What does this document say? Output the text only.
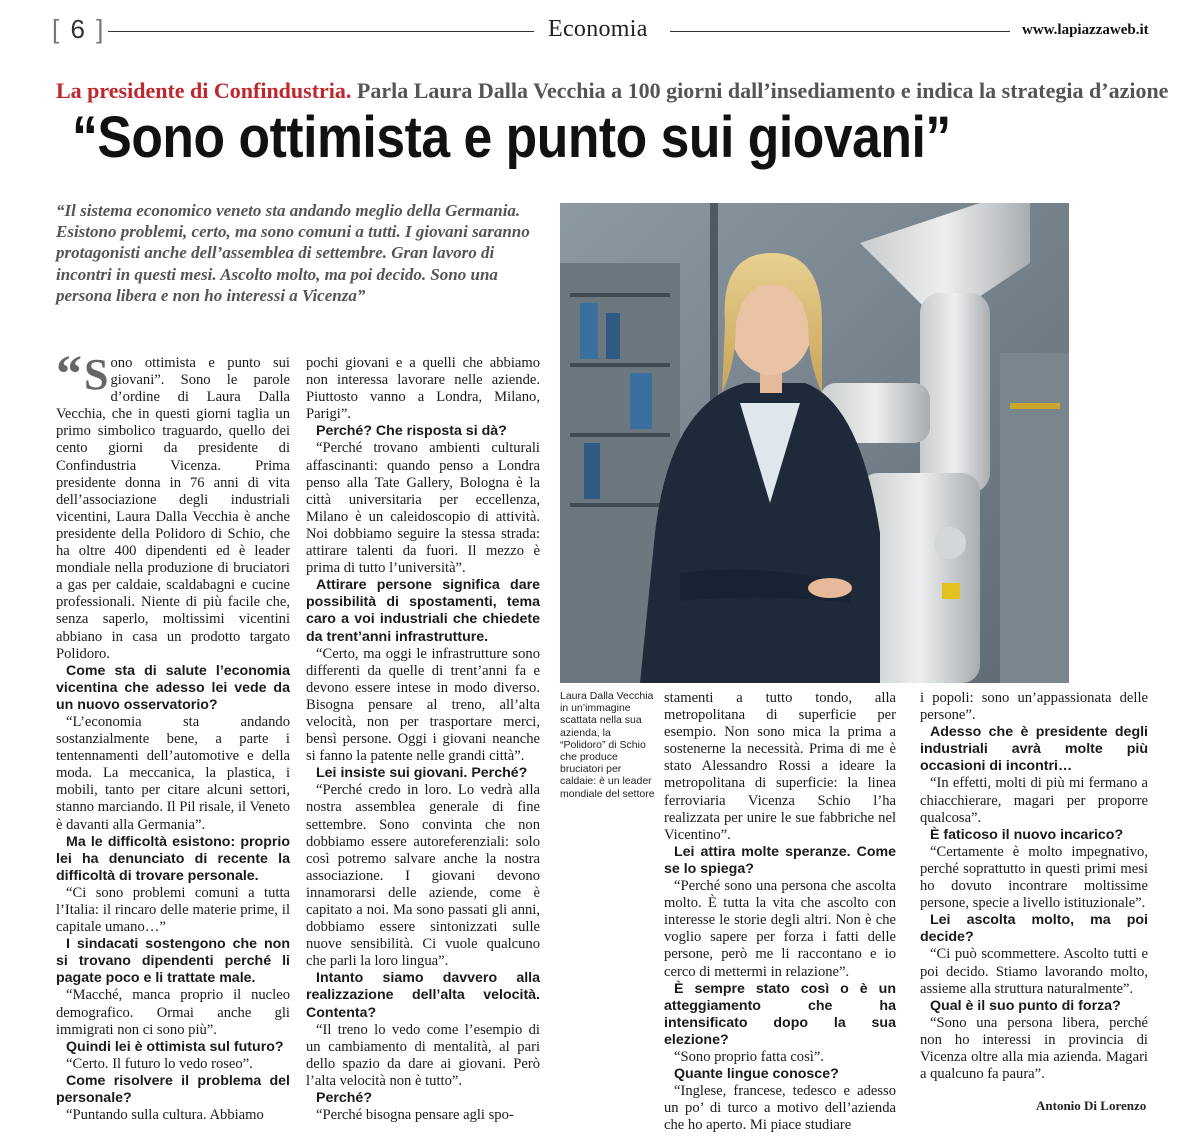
[ 6 ]	Economia	www.lapiazzaweb.it
La presidente di Confindustria. Parla Laura Dalla Vecchia a 100 giorni dall’insediamento e indica la strategia d’azione
“Sono ottimista e punto sui giovani”
“Il sistema economico veneto sta andando meglio della Germania. Esistono problemi, certo, ma sono comuni a tutti. I giovani saranno protagonisti anche dell’assemblea di settembre. Gran lavoro di incontri in questi mesi. Ascolto molto, ma poi decido. Sono una persona libera e non ho interessi a Vicenza”
Laura Dalla Vecchia in un’immagine scattata nella sua azienda, la “Polidoro” di Schio che produce bruciatori per caldaie: è un leader mondiale del settore

“ S ono ottimista e punto sui giovani”. Sono le parole d’ordine di Laura Dalla Vecchia, che in questi giorni taglia un primo simbolico traguardo, quello dei cento giorni da presidente di Confindustria Vicenza. Prima presidente donna in 76 anni di vita dell’associazione degli industriali vicentini, Laura Dalla Vecchia è anche presidente della Polidoro di Schio, che ha oltre 400 dipendenti ed è leader mondiale nella produzione di bruciatori a gas per caldaie, scaldabagni e cucine professionali. Niente di più facile che, senza saperlo, moltissimi vicentini abbiano in casa un prodotto targato Polidoro.

Come sta di salute l’economia vicentina che adesso lei vede da un nuovo osservatorio?

“L’economia sta andando sostanzialmente bene, a parte i tentennamenti dell’automotive e della moda. La meccanica, la plastica, i mobili, tanto per citare alcuni settori, stanno marciando. Il Pil risale, il Veneto è davanti alla Germania”.

Ma le difficoltà esistono: proprio lei ha denunciato di recente la difficoltà di trovare personale.

“Ci sono problemi comuni a tutta l’Italia: il rincaro delle materie prime, il capitale umano…”

I sindacati sostengono che non si trovano dipendenti perché li pagate poco e li trattate male.

“Macché, manca proprio il nucleo demografico. Ormai anche gli immigrati non ci sono più”.

Quindi lei è ottimista sul futuro?

“Certo. Il futuro lo vedo roseo”.

Come risolvere il problema del personale?

“Puntando sulla cultura. Abbiamo

pochi giovani e a quelli che abbiamo non interessa lavorare nelle aziende. Piuttosto vanno a Londra, Milano, Parigi”.

Perché? Che risposta si dà?

“Perché trovano ambienti culturali affascinanti: quando penso a Londra penso alla Tate Gallery, Bologna è la città universitaria per eccellenza, Milano è un caleidoscopio di attività. Noi dobbiamo seguire la stessa strada: attirare talenti da fuori. Il mezzo è prima di tutto l’università”.

Attirare persone significa dare possibilità di spostamenti, tema caro a voi industriali che chiedete da trent’anni infrastrutture.

“Certo, ma oggi le infrastrutture sono differenti da quelle di trent’anni fa e devono essere intese in modo diverso. Bisogna pensare al treno, all’alta velocità, non per trasportare merci, bensì persone. Oggi i giovani neanche si fanno la patente nelle grandi città”.

Lei insiste sui giovani. Perché?

“Perché credo in loro. Lo vedrà alla nostra assemblea generale di fine settembre. Sono convinta che non dobbiamo essere autoreferenziali: solo così potremo salvare anche la nostra associazione. I giovani devono innamorarsi delle aziende, come è capitato a noi. Ma sono passati gli anni, dobbiamo essere sintonizzati sulle nuove sensibilità. Ci vuole qualcuno che parli la loro lingua”.

Intanto siamo davvero alla realizzazione dell’alta velocità. Contenta?

“Il treno lo vedo come l’esempio di un cambiamento di mentalità, al pari dello spazio da dare ai giovani. Però l’alta velocità non è tutto”.

Perché?

“Perché bisogna pensare agli spo-

stamenti a tutto tondo, alla metropolitana di superficie per esempio. Non sono mica la prima a sostenerne la necessità. Prima di me è stato Alessandro Rossi a ideare la metropolitana di superficie: la linea ferroviaria Vicenza Schio l’ha realizzata per unire le sue fabbriche nel Vicentino”.

Lei attira molte speranze. Come se lo spiega?

“Perché sono una persona che ascolta molto. È tutta la vita che ascolto con interesse le storie degli altri. Non è che voglio sapere per forza i fatti delle persone, però me li raccontano e io cerco di mettermi in relazione”.

È sempre stato così o è un atteggiamento che ha intensificato dopo la sua elezione?

“Sono proprio fatta così”.

Quante lingue conosce?

“Inglese, francese, tedesco e adesso un po’ di turco a motivo dell’azienda che ho aperto. Mi piace studiare

i popoli: sono un’appassionata delle persone”.

Adesso che è presidente degli industriali avrà molte più occasioni di incontri…

“In effetti, molti di più mi fermano a chiacchierare, magari per proporre qualcosa”.

È faticoso il nuovo incarico?

“Certamente è molto impegnativo, perché soprattutto in questi primi mesi ho dovuto incontrare moltissime persone, specie a livello istituzionale”.

Lei ascolta molto, ma poi decide?

“Ci può scommettere. Ascolto tutti e poi decido. Stiamo lavorando molto, assieme alla struttura naturalmente”.

Qual è il suo punto di forza?

“Sono una persona libera, perché non ho interessi in provincia di Vicenza oltre alla mia azienda. Magari a qualcuno fa paura”.

Antonio Di Lorenzo
